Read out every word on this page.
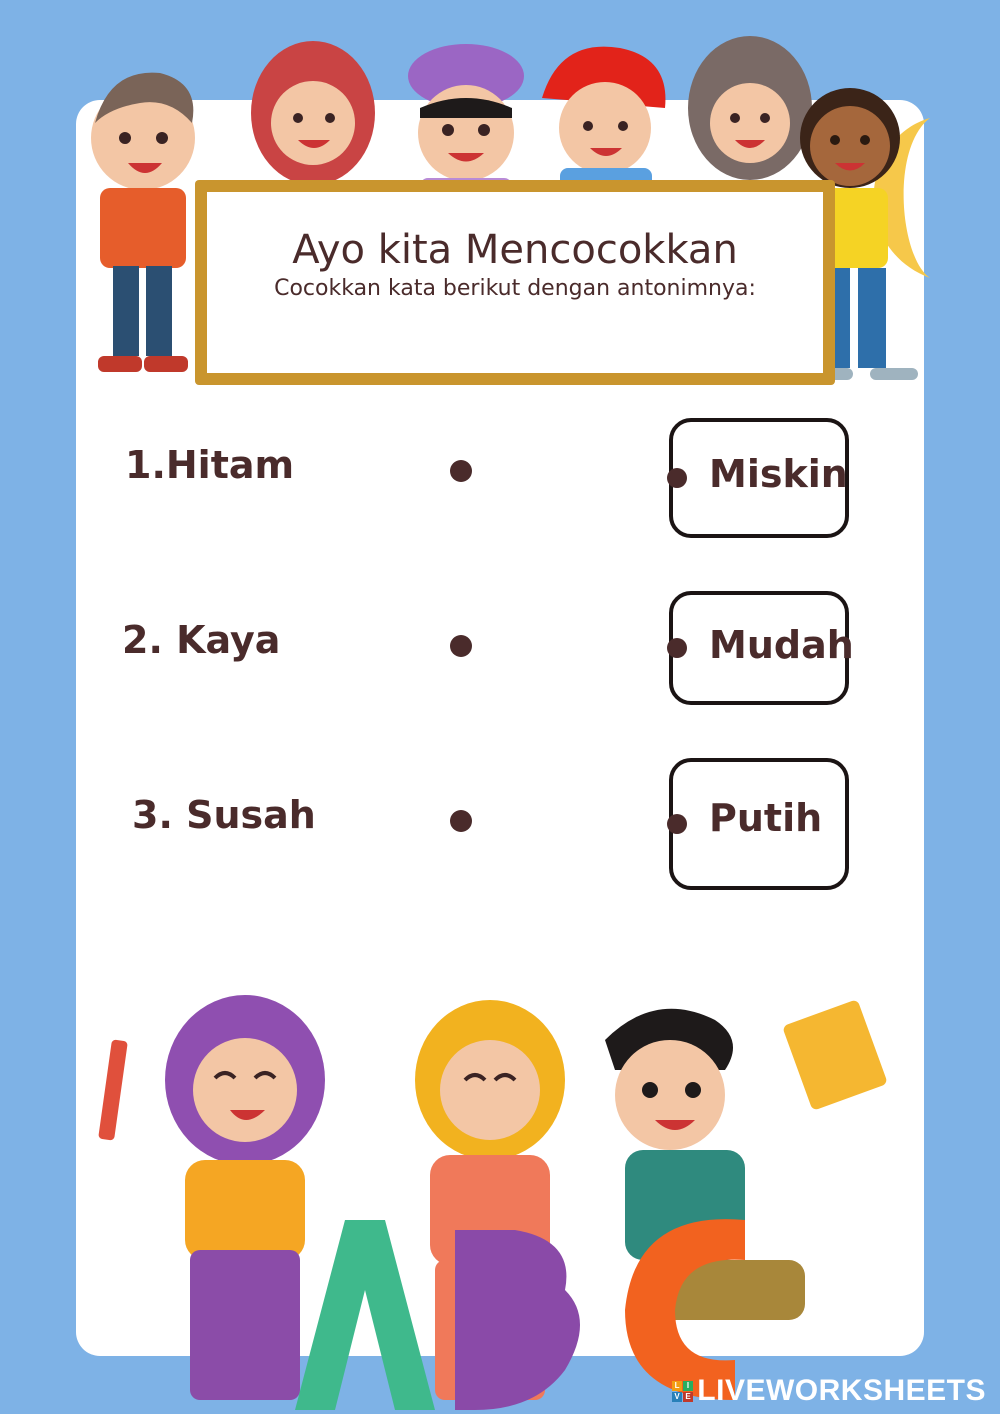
Ayo kita Mencocokkan
Cocokkan kata berikut dengan antonimnya:
1.Hitam
2. Kaya
3. Susah
Miskin
Mudah
Putih
L I
V E LIVEWORKSHEETS
